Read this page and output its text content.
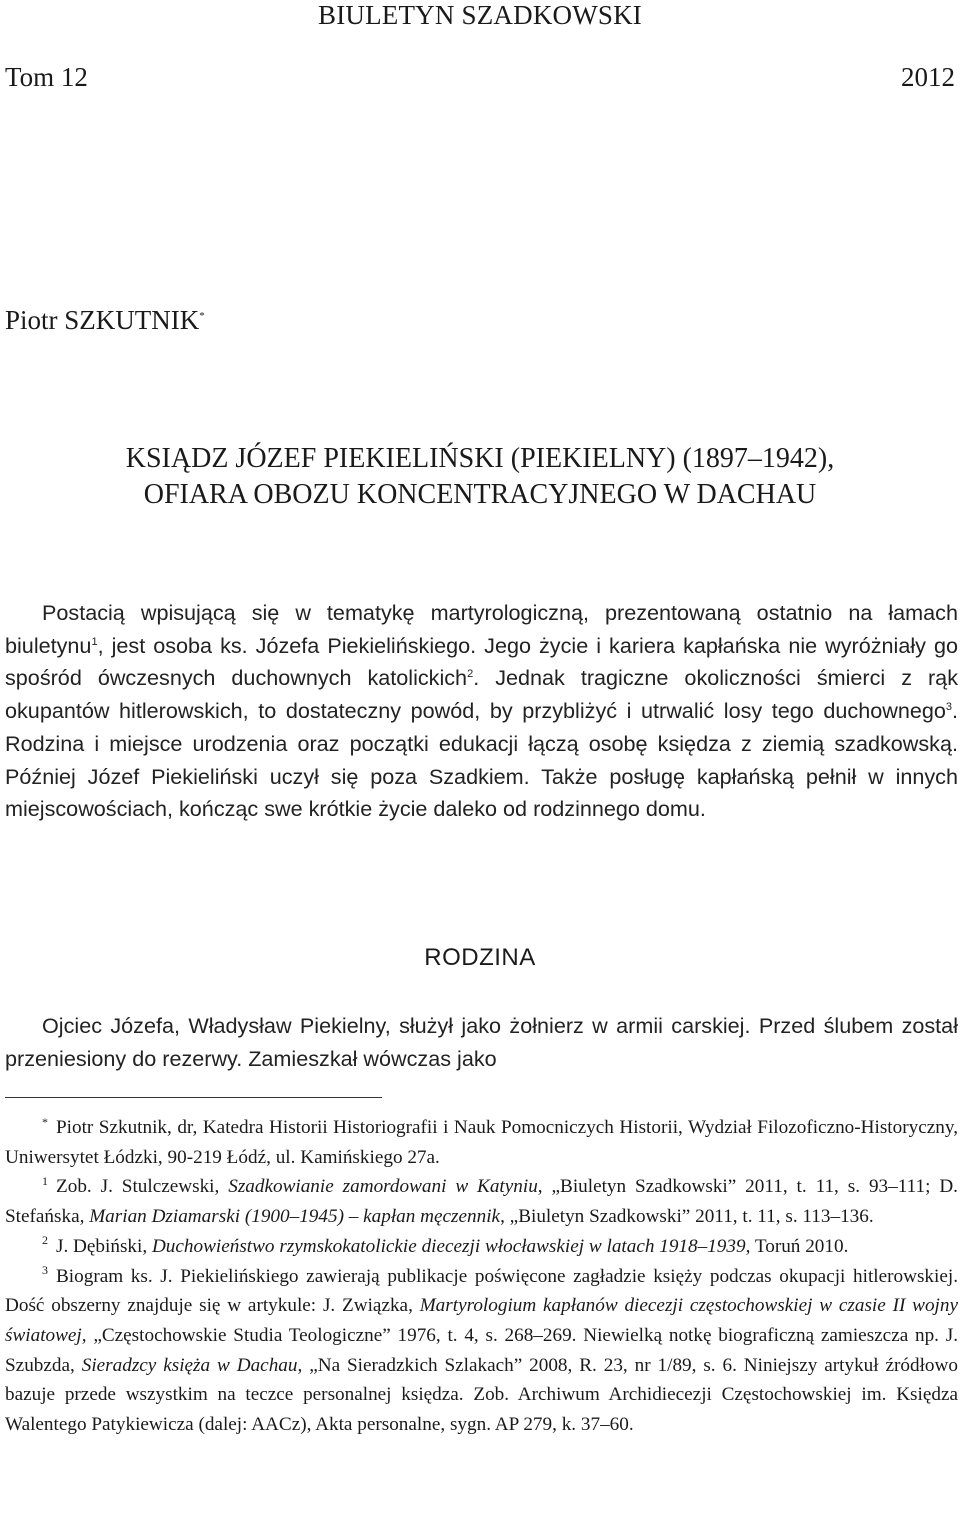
BIULETYN SZADKOWSKI
Tom 12	2012
Piotr SZKUTNIK*
KSIĄDZ JÓZEF PIEKIELIŃSKI (PIEKIELNY) (1897–1942),
OFIARA OBOZU KONCENTRACYJNEGO W DACHAU
Postacią wpisującą się w tematykę martyrologiczną, prezentowaną ostatnio na łamach biuletynu$^1$, jest osoba ks. Józefa Piekielińskiego. Jego życie i kariera kapłańska nie wyróżniały go spośród ówczesnych duchownych katolickich$^2$. Jednak tragiczne okoliczności śmierci z rąk okupantów hitlerowskich, to dostateczny powód, by przybliżyć i utrwalić losy tego duchownego$^3$. Rodzina i miejsce urodzenia oraz początki edukacji łączą osobę księdza z ziemią szadkowską. Później Józef Piekieliński uczył się poza Szadkiem. Także posługę kapłańską pełnił w innych miejscowościach, kończąc swe krótkie życie daleko od rodzinnego domu.
RODZINA
Ojciec Józefa, Władysław Piekielny, służył jako żołnierz w armii carskiej. Przed ślubem został przeniesiony do rezerwy. Zamieszkał wówczas jako

* Piotr Szkutnik, dr, Katedra Historii Historiografii i Nauk Pomocniczych Historii, Wydział Filozoficzno-Historyczny, Uniwersytet Łódzki, 90-219 Łódź, ul. Kamińskiego 27a.

$^1$ Zob. J. Stulczewski, Szadkowianie zamordowani w Katyniu, „Biuletyn Szadkowski” 2011, t. 11, s. 93–111; D. Stefańska, Marian Dziamarski (1900–1945) – kapłan męczennik, „Biuletyn Szadkowski” 2011, t. 11, s. 113–136.

$^2$ J. Dębiński, Duchowieństwo rzymskokatolickie diecezji włocławskiej w latach 1918–1939, Toruń 2010.

$^3$ Biogram ks. J. Piekielińskiego zawierają publikacje poświęcone zagładzie księży podczas okupacji hitlerowskiej. Dość obszerny znajduje się w artykule: J. Związka, Martyrologium kapłanów diecezji częstochowskiej w czasie II wojny światowej, „Częstochowskie Studia Teologiczne” 1976, t. 4, s. 268–269. Niewielką notkę biograficzną zamieszcza np. J. Szubzda, Sieradzcy księża w Dachau, „Na Sieradzkich Szlakach” 2008, R. 23, nr 1/89, s. 6. Niniejszy artykuł źródłowo bazuje przede wszystkim na teczce personalnej księdza. Zob. Archiwum Archidiecezji Częstochowskiej im. Księdza Walentego Patykiewicza (dalej: AACz), Akta personalne, sygn. AP 279, k. 37–60.
